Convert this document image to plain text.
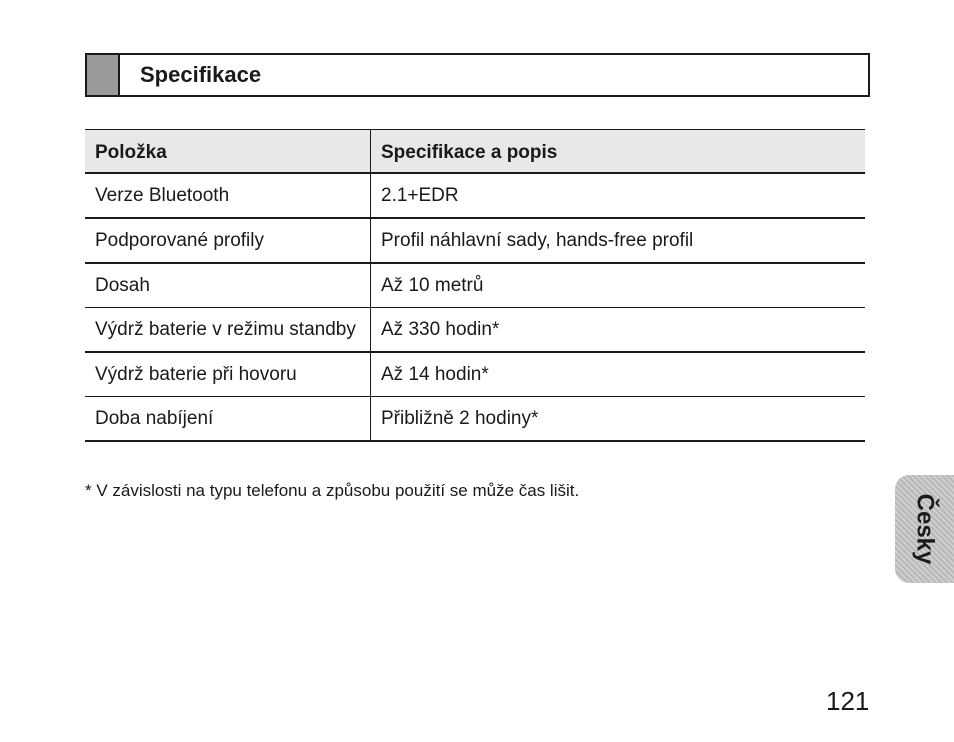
Specifikace
Položka	Specifikace a popis
Verze Bluetooth	2.1+EDR
Podporované profily	Profil náhlavní sady, hands-free profil
Dosah	Až 10 metrů
Výdrž baterie v režimu standby	Až 330 hodin*
Výdrž baterie při hovoru	Až 14 hodin*
Doba nabíjení	Přibližně 2 hodiny*
* V závislosti na typu telefonu a způsobu použití se může čas lišit.
Česky
121
